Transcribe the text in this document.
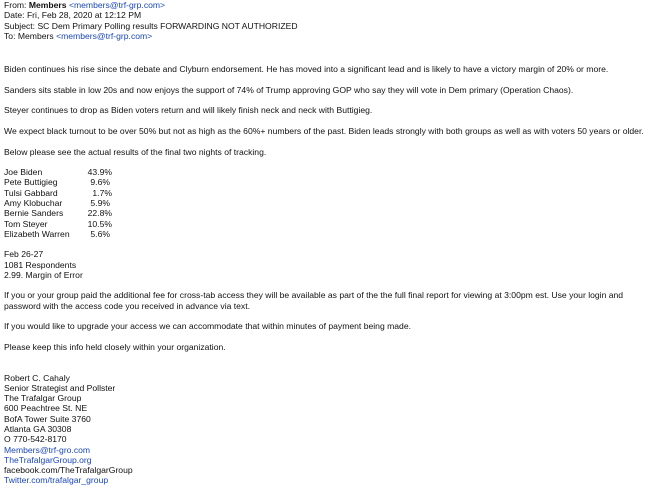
From: Members <members@trf-grp.com>
Date: Fri, Feb 28, 2020 at 12:12 PM
Subject: SC Dem Primary Polling results FORWARDING NOT AUTHORIZED
To: Members <members@trf-grp.com>
Biden continues his rise since the debate and Clyburn endorsement. He has moved into a significant lead and is likely to have a victory margin of 20% or more.
Sanders sits stable in low 20s and now enjoys the support of 74% of Trump approving GOP who say they will vote in Dem primary (Operation Chaos).
Steyer continues to drop as Biden voters return and will likely finish neck and neck with Buttigieg.
We expect black turnout to be over 50% but not as high as the 60%+ numbers of the past. Biden leads strongly with both groups as well as with voters 50 years or older.
Below please see the actual results of the final two nights of tracking.
Joe Biden	43.9%
Pete Buttigieg	9.6%
Tulsi Gabbard	1.7%
Amy Klobuchar	5.9%
Bernie Sanders	22.8%
Tom Steyer	10.5%
Elizabeth Warren 5.6%
Feb 26-27
1081 Respondents
2.99. Margin of Error
If you or your group paid the additional fee for cross-tab access they will be available as part of the the full final report for viewing at 3:00pm est. Use your login and password with the access code you received in advance via text.
If you would like to upgrade your access we can accommodate that within minutes of payment being made.
Please keep this info held closely within your organization.
Robert C. Cahaly
Senior Strategist and Pollster
The Trafalgar Group
600 Peachtree St. NE
BofA Tower Suite 3760
Atlanta GA 30308
O 770-542-8170
Members@trf-gro.com
TheTrafalgarGroup.org
facebook.com/TheTrafalgarGroup
Twitter.com/trafalgar_group
